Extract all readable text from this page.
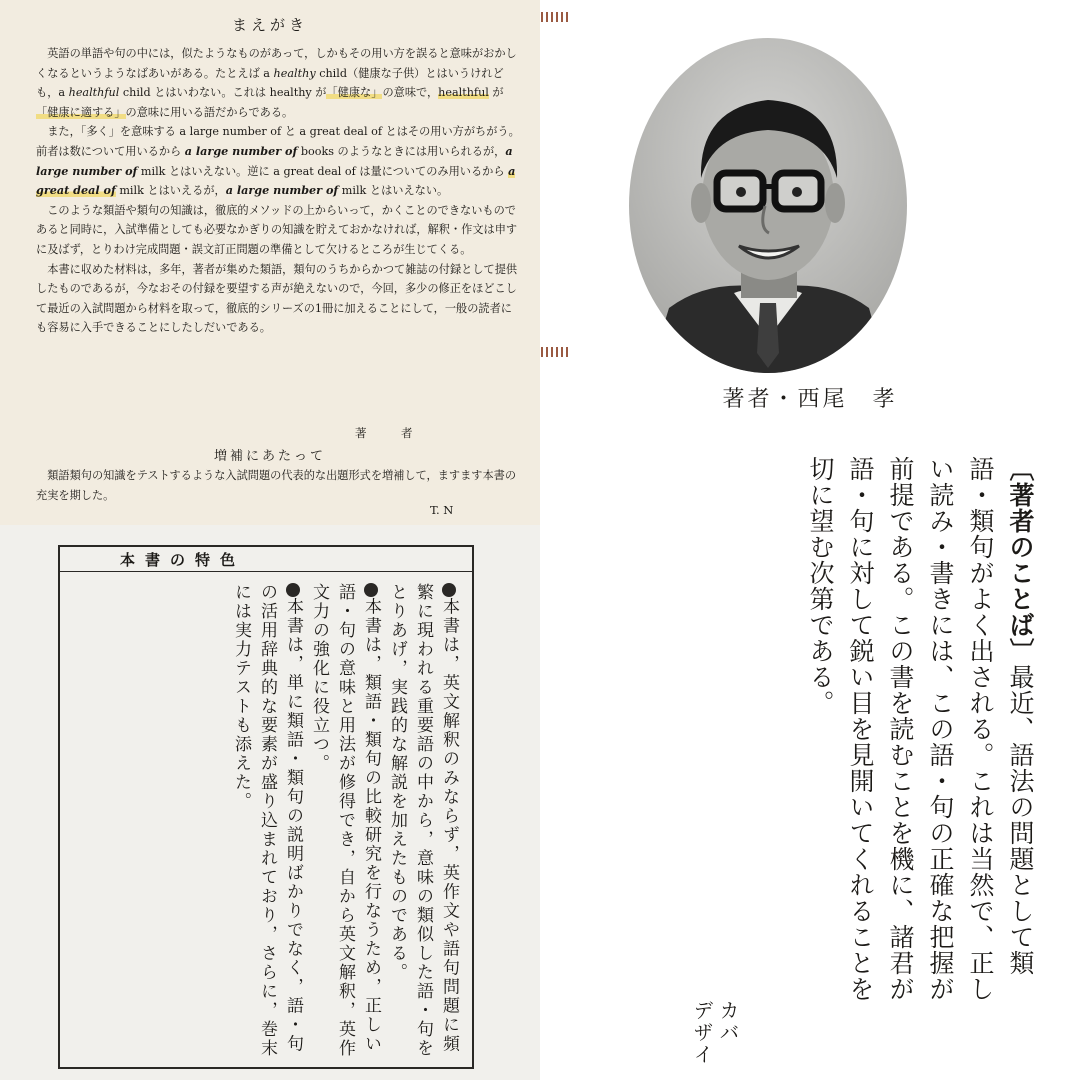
まえがき

英語の単語や句の中には，似たようなものがあって，しかもその用い方を誤ると意味がおかしくなるというようなばあいがある。たとえば a healthy child（健康な子供）とはいうけれども，a healthful child とはいわない。これは healthy が「健康な」の意味で，healthful が「健康に適する」の意味に用いる語だからである。

また，「多く」を意味する a large number of と a great deal of とはその用い方がちがう。前者は数について用いるから a large number of books のようなときには用いられるが，a large number of milk とはいえない。逆に a great deal of は量についてのみ用いるから a great deal of milk とはいえるが，a large number of milk とはいえない。

このような類語や類句の知識は，徹底的メソッドの上からいって，かくことのできないものであると同時に，入試準備としても必要なかぎりの知識を貯えておかなければ，解釈・作文は申すに及ばず，とりわけ完成問題・誤文訂正問題の準備として欠けるところが生じてくる。

本書に収めた材料は，多年，著者が集めた類語，類句のうちからかつて雑誌の付録として提供したものであるが，今なおその付録を要望する声が絶えないので，今回，多少の修正をほどこして最近の入試問題から材料を取って，徹底的シリーズの1冊に加えることにして，一般の読者にも容易に入手できることにしたしだいである。

著　　　者
増補にあたって

類語類句の知識をテストするような入試問題の代表的な出題形式を増補して，ますます本書の充実を期した。

T. N
本書の特色

本書は，英文解釈のみならず，英作文や語句問題に頻繁に現われる重要語の中から，意味の類似した語・句をとりあげ，実践的な解説を加えたものである。

本書は，類語・類句の比較研究を行なうため，正しい語・句の意味と用法が修得でき，自から英文解釈，英作文力の強化に役立つ。

本書は，単に類語・類句の説明ばかりでなく，語・句の活用辞典的な要素が盛り込まれており，さらに，巻末には実力テストも添えた。

著者・西尾　孝

〔著者のことば〕最近、語法の問題として類語・類句がよく出される。これは当然で、正しい読み・書きには、この語・句の正確な把握が前提である。この書を読むことを機に、諸君が語・句に対して鋭い目を見開いてくれることを切に望む次第である。

カバ
デザイ
